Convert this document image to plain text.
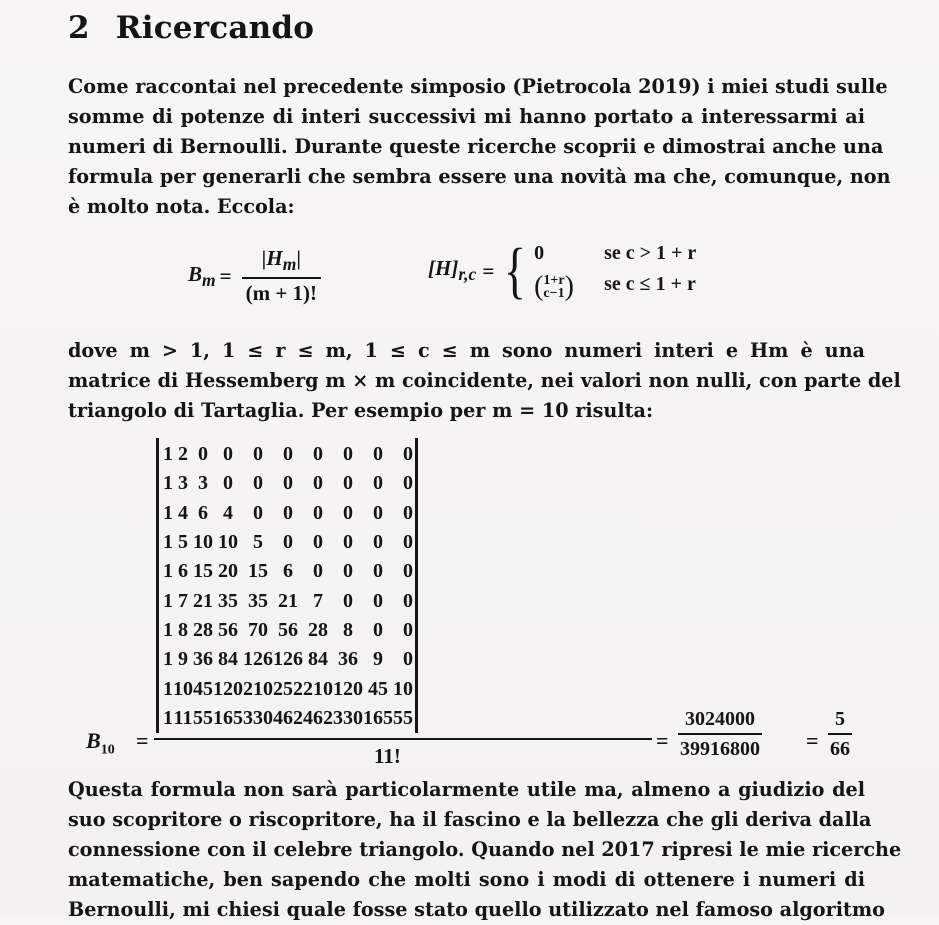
2 Ricercando
Come raccontai nel precedente simposio (Pietrocola 2019) i miei studi sulle
somme di potenze di interi successivi mi hanno portato a interessarmi ai
numeri di Bernoulli. Durante queste ricerche scoprii e dimostrai anche una
formula per generarli che sembra essere una novità ma che, comunque, non
è molto nota. Eccola:
$B_m = \frac{|H_m|}{(m + 1)!}$	$[H]_{r,c}$ = { 0	se c > 1 + r
( 1+r
c−1 ) se c ≤ 1 + r
dove m > 1, 1 ≤ r ≤ m, 1 ≤ c ≤ m sono numeri interi e Hm è una
matrice di Hessemberg m × m coincidente, nei valori non nulli, con parte del
triangolo di Tartaglia. Per esempio per m = 10 risulta:
$B_{10}$ =
1	2	0	0	0	0	0	0	0	0
1	3	3	0	0	0	0	0	0	0
1	4	6	4	0	0	0	0	0	0
1	5	10	10	5	0	0	0	0	0
1	6	15	20	15	6	0	0	0	0
1	7	21	35	35	21	7	0	0	0
1	8	28	56	70	56	28	8	0	0
1	9	36	84	126	126	84	36	9	0
1	10	45	120	210	252	210	120	45	10
1	11	55	165	330	462	462	330	165	55
11!
= $\frac{3024000}{39916800} = \frac{5}{66}$
Questa formula non sarà particolarmente utile ma, almeno a giudizio del
suo scopritore o riscopritore, ha il fascino e la bellezza che gli deriva dalla
connessione con il celebre triangolo. Quando nel 2017 ripresi le mie ricerche
matematiche, ben sapendo che molti sono i modi di ottenere i numeri di
Bernoulli, mi chiesi quale fosse stato quello utilizzato nel famoso algoritmo
